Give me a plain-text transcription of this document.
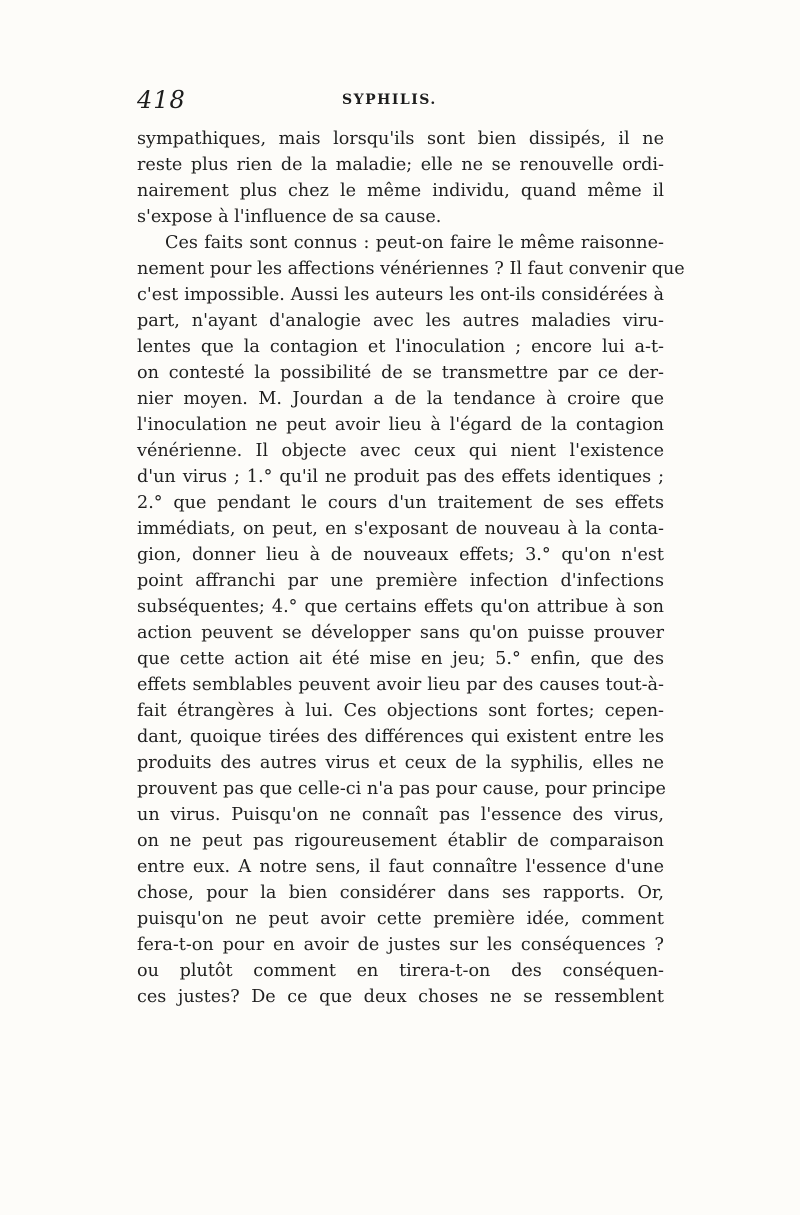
418	SYPHILIS.
sympathiques, mais lorsqu'ils sont bien dissipés, il ne
reste plus rien de la maladie; elle ne se renouvelle ordi-
nairement plus chez le même individu, quand même il
s'expose à l'influence de sa cause.
Ces faits sont connus : peut-on faire le même raisonne-
nement pour les affections vénériennes ? Il faut convenir que
c'est impossible. Aussi les auteurs les ont-ils considérées à
part, n'ayant d'analogie avec les autres maladies viru-
lentes que la contagion et l'inoculation ; encore lui a-t-
on contesté la possibilité de se transmettre par ce der-
nier moyen. M. Jourdan a de la tendance à croire que
l'inoculation ne peut avoir lieu à l'égard de la contagion
vénérienne. Il objecte avec ceux qui nient l'existence
d'un virus ; 1.° qu'il ne produit pas des effets identiques ;
2.° que pendant le cours d'un traitement de ses effets
immédiats, on peut, en s'exposant de nouveau à la conta-
gion, donner lieu à de nouveaux effets; 3.° qu'on n'est
point affranchi par une première infection d'infections
subséquentes; 4.° que certains effets qu'on attribue à son
action peuvent se développer sans qu'on puisse prouver
que cette action ait été mise en jeu; 5.° enfin, que des
effets semblables peuvent avoir lieu par des causes tout-à-
fait étrangères à lui. Ces objections sont fortes; cepen-
dant, quoique tirées des différences qui existent entre les
produits des autres virus et ceux de la syphilis, elles ne
prouvent pas que celle-ci n'a pas pour cause, pour principe
un virus. Puisqu'on ne connaît pas l'essence des virus,
on ne peut pas rigoureusement établir de comparaison
entre eux. A notre sens, il faut connaître l'essence d'une
chose, pour la bien considérer dans ses rapports. Or,
puisqu'on ne peut avoir cette première idée, comment
fera-t-on pour en avoir de justes sur les conséquences ?
ou plutôt comment en tirera-t-on des conséquen-
ces justes? De ce que deux choses ne se ressemblent
